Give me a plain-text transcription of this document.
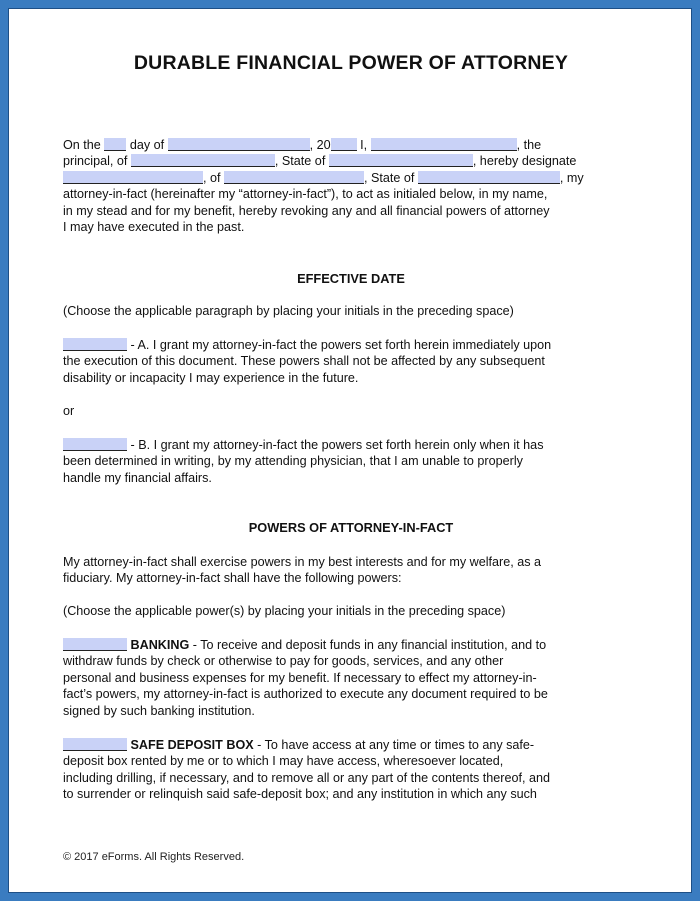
DURABLE FINANCIAL POWER OF ATTORNEY
On the day of	, 20 I,	, the
principal, of	, State of	, hereby designate
, of	, State of	, my
attorney-in-fact (hereinafter my “attorney-in-fact”), to act as initialed below, in my name,
in my stead and for my benefit, hereby revoking any and all financial powers of attorney
I may have executed in the past.
EFFECTIVE DATE
(Choose the applicable paragraph by placing your initials in the preceding space)
- A. I grant my attorney-in-fact the powers set forth herein immediately upon
the execution of this document. These powers shall not be affected by any subsequent
disability or incapacity I may experience in the future.
or
- B. I grant my attorney-in-fact the powers set forth herein only when it has
been determined in writing, by my attending physician, that I am unable to properly
handle my financial affairs.
POWERS OF ATTORNEY-IN-FACT
My attorney-in-fact shall exercise powers in my best interests and for my welfare, as a
fiduciary. My attorney-in-fact shall have the following powers:
(Choose the applicable power(s) by placing your initials in the preceding space)
BANKING - To receive and deposit funds in any financial institution, and to
withdraw funds by check or otherwise to pay for goods, services, and any other
personal and business expenses for my benefit. If necessary to effect my attorney-in-
fact’s powers, my attorney-in-fact is authorized to execute any document required to be
signed by such banking institution.
SAFE DEPOSIT BOX - To have access at any time or times to any safe-
deposit box rented by me or to which I may have access, wheresoever located,
including drilling, if necessary, and to remove all or any part of the contents thereof, and
to surrender or relinquish said safe-deposit box; and any institution in which any such
© 2017 eForms. All Rights Reserved.
